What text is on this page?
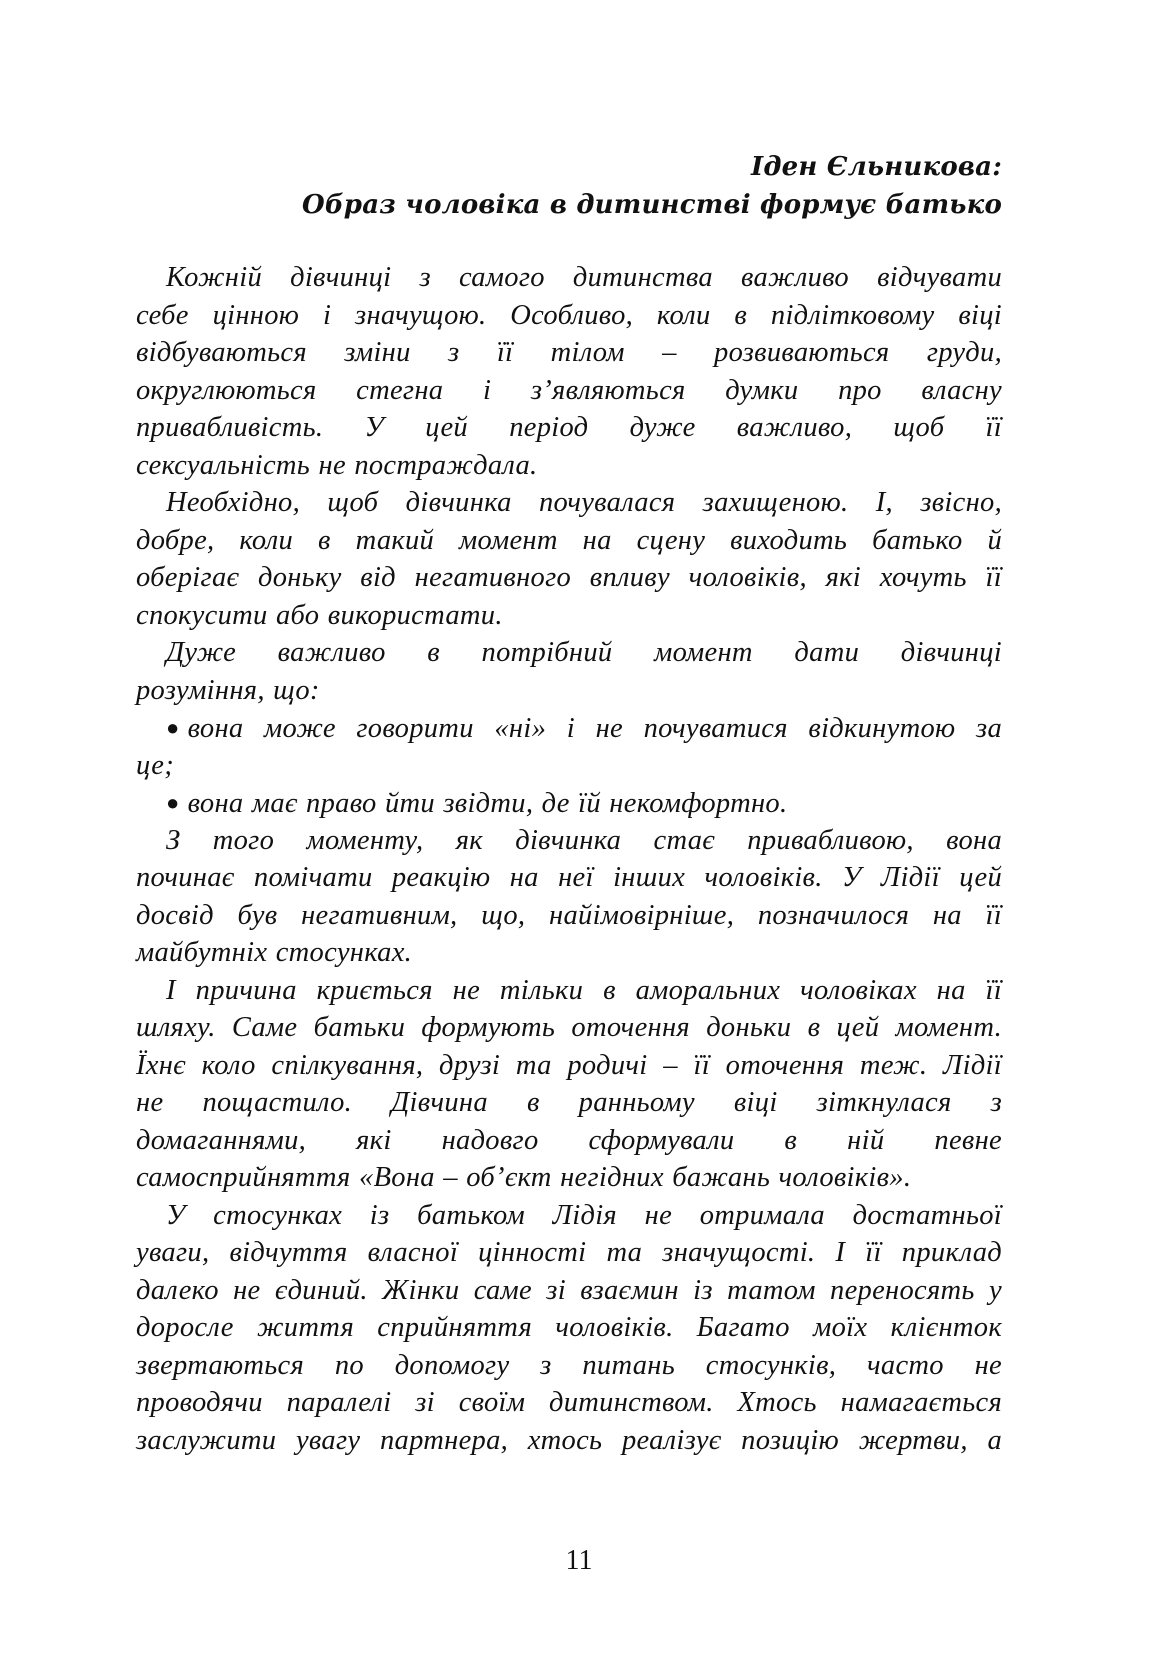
Іден Єльникова:
Образ чоловіка в дитинстві формує батько
Кожній дівчинці з самого дитинства важливо відчувати
себе цінною і значущою. Особливо, коли в підлітковому віці
відбуваються зміни з її тілом – розвиваються груди,
округлюються стегна і з’являються думки про власну
привабливість. У цей період дуже важливо, щоб її
сексуальність не постраждала.
Необхідно, щоб дівчинка почувалася захищеною. І, звісно,
добре, коли в такий момент на сцену виходить батько й
оберігає доньку від негативного впливу чоловіків, які хочуть її
спокусити або використати.
Дуже важливо в потрібний момент дати дівчинці
розуміння, що:
● вона може говорити «ні» і не почуватися відкинутою за
це;
● вона має право йти звідти, де їй некомфортно.
З того моменту, як дівчинка стає привабливою, вона
починає помічати реакцію на неї інших чоловіків. У Лідії цей
досвід був негативним, що, найімовірніше, позначилося на її
майбутніх стосунках.
І причина криється не тільки в аморальних чоловіках на її
шляху. Саме батьки формують оточення доньки в цей момент.
Їхнє коло спілкування, друзі та родичі – її оточення теж. Лідії
не пощастило. Дівчина в ранньому віці зіткнулася з
домаганнями, які надовго сформували в ній певне
самосприйняття «Вона – об’єкт негідних бажань чоловіків».
У стосунках із батьком Лідія не отримала достатньої
уваги, відчуття власної цінності та значущості. І її приклад
далеко не єдиний. Жінки саме зі взаємин із татом переносять у
доросле життя сприйняття чоловіків. Багато моїх клієнток
звертаються по допомогу з питань стосунків, часто не
проводячи паралелі зі своїм дитинством. Хтось намагається
заслужити увагу партнера, хтось реалізує позицію жертви, а
11
